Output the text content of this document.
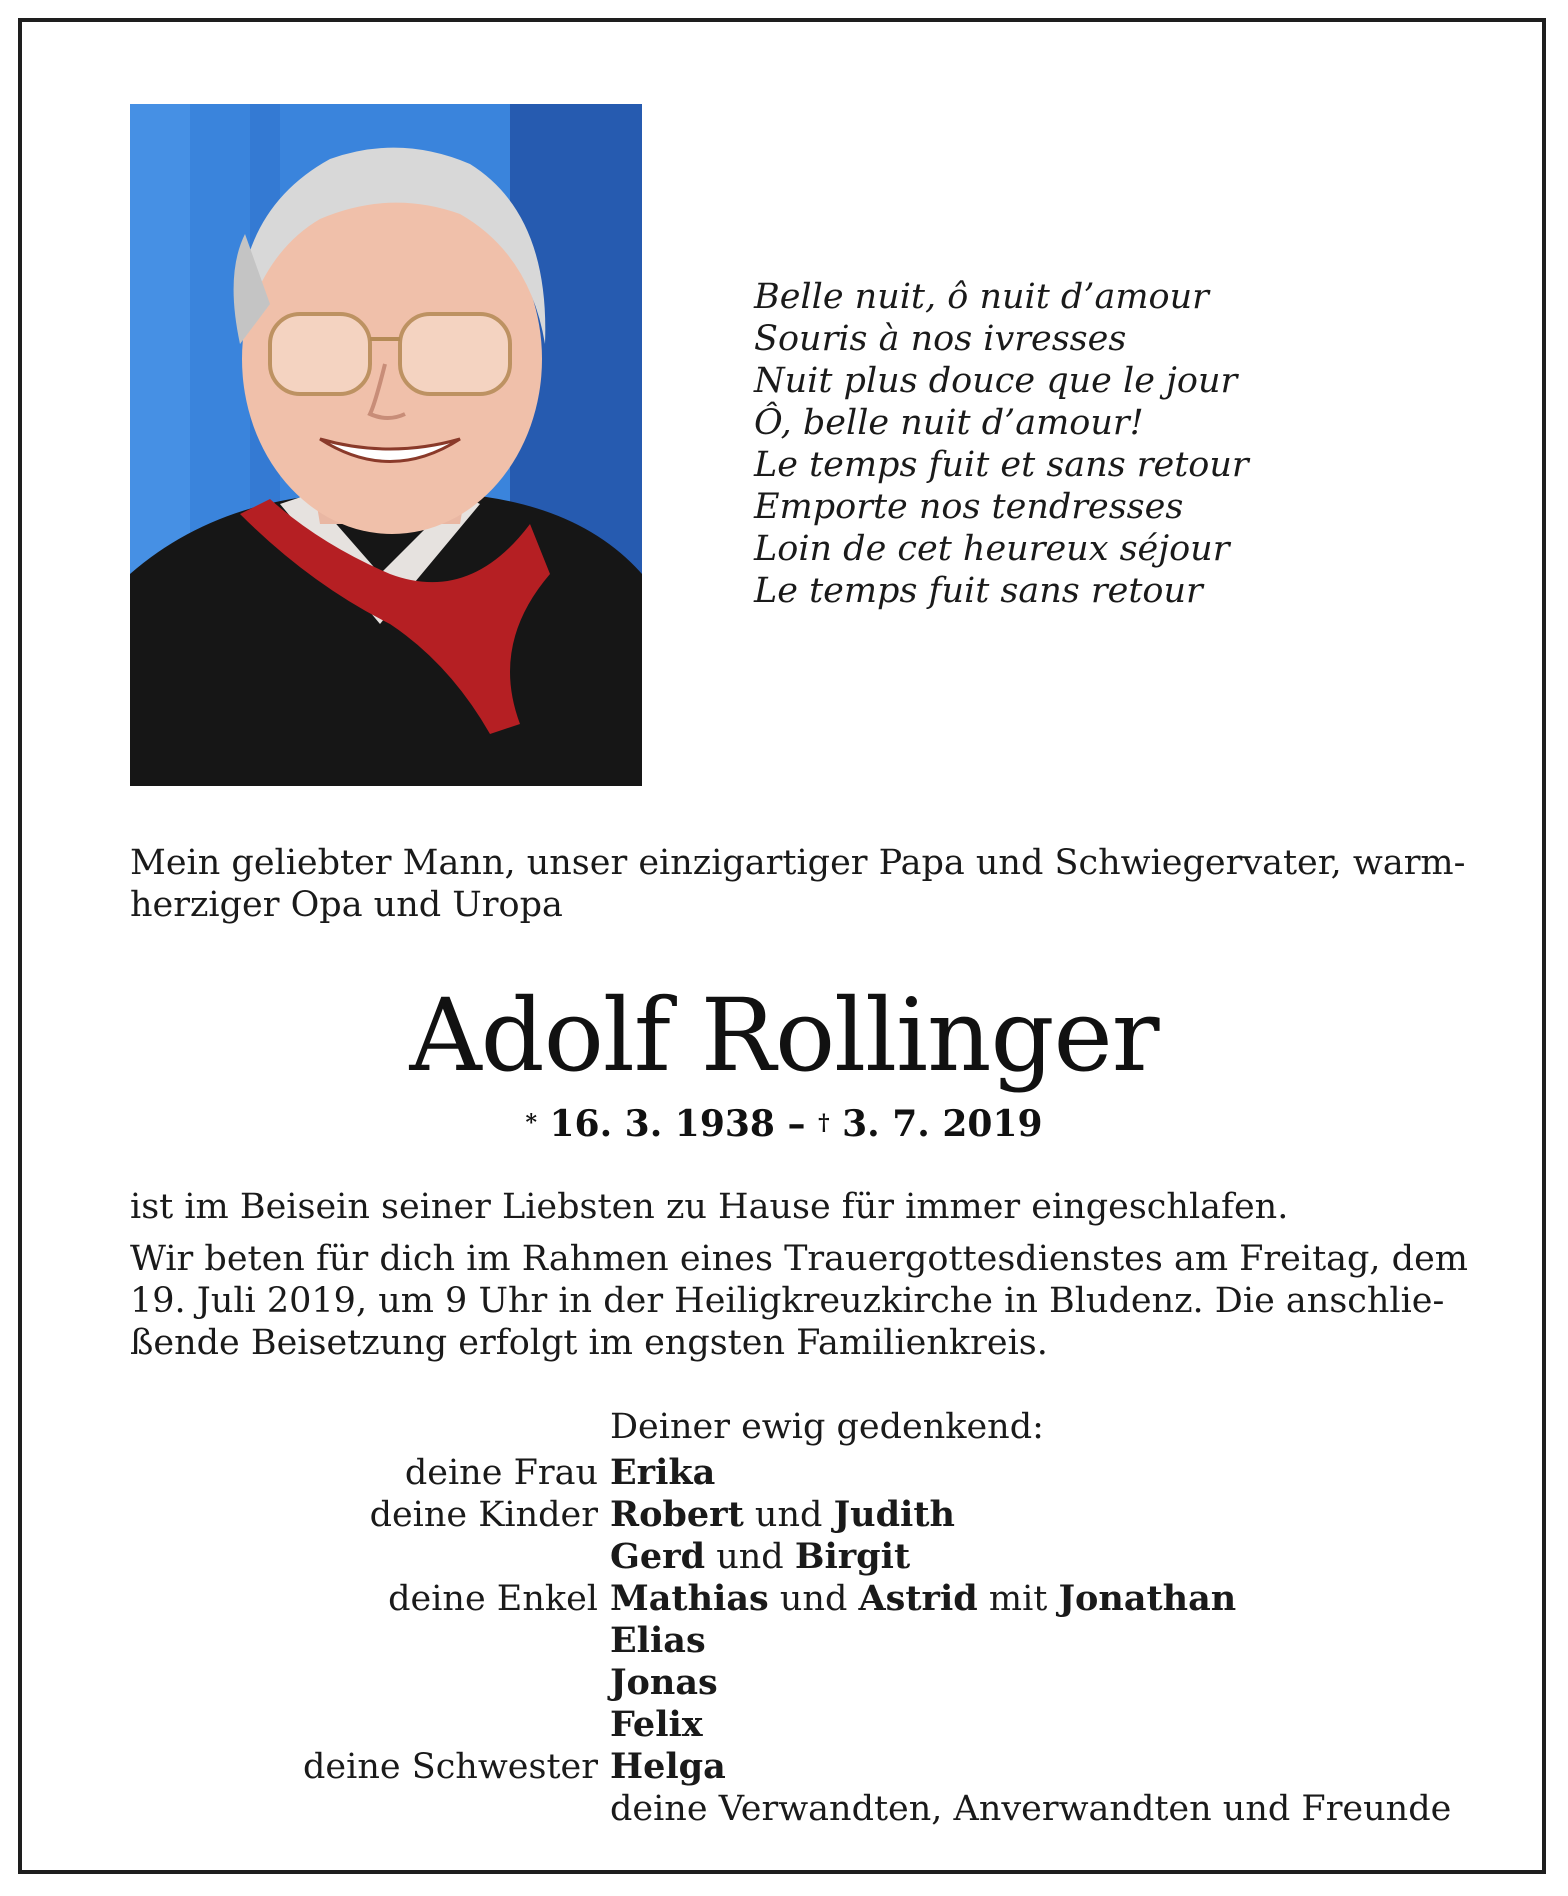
Belle nuit, ô nuit d’amour
Souris à nos ivresses
Nuit plus douce que le jour
Ô, belle nuit d’amour!
Le temps fuit et sans retour
Emporte nos tendresses
Loin de cet heureux séjour
Le temps fuit sans retour
Mein geliebter Mann, unser einzigartiger Papa und Schwiegervater, warm-
herziger Opa und Uropa
Adolf Rollinger
* 16. 3. 1938 – † 3. 7. 2019
ist im Beisein seiner Liebsten zu Hause für immer eingeschlafen.
Wir beten für dich im Rahmen eines Trauergottesdienstes am Freitag, dem
19. Juli 2019, um 9 Uhr in der Heiligkreuzkirche in Bludenz. Die anschlie-
ßende Beisetzung erfolgt im engsten Familienkreis.
Deiner ewig gedenkend:
deine Frau Erika
deine Kinder Robert und Judith
Gerd und Birgit
deine Enkel Mathias und Astrid mit Jonathan
Elias
Jonas
Felix
deine Schwester Helga
deine Verwandten, Anverwandten und Freunde
